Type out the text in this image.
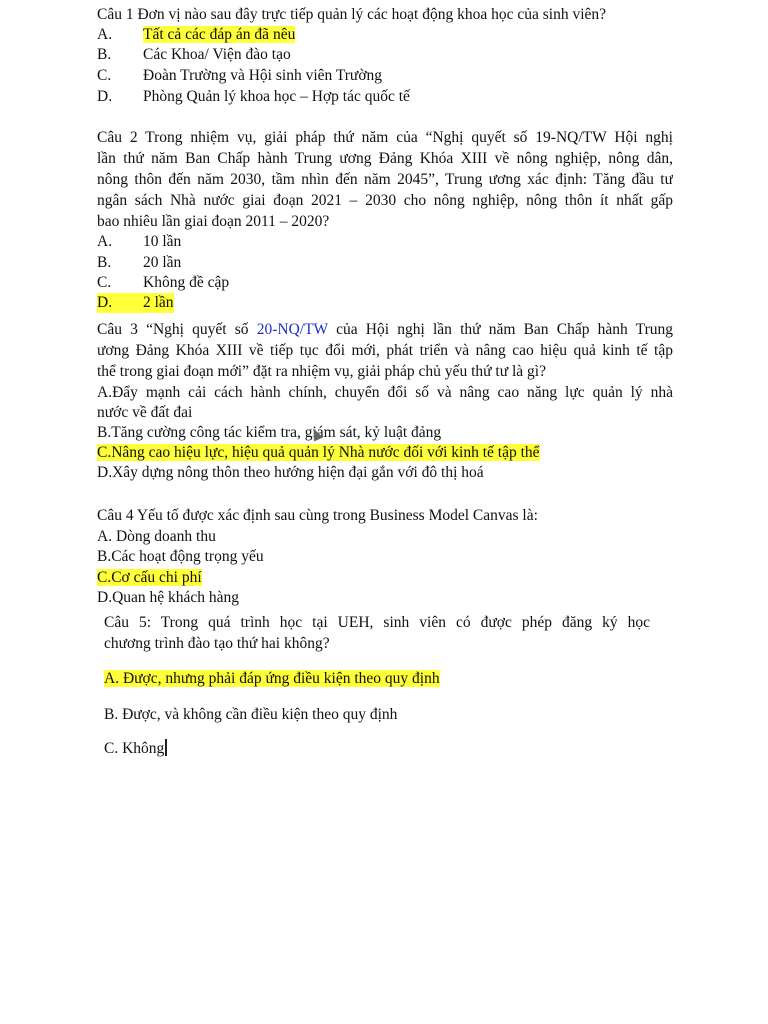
Câu 1 Đơn vị nào sau đây trực tiếp quản lý các hoạt động khoa học của sinh viên?
A. Tất cả các đáp án đã nêu
B. Các Khoa/ Viện đào tạo
C. Đoàn Trường và Hội sinh viên Trường
D. Phòng Quản lý khoa học – Hợp tác quốc tế
Câu 2 Trong nhiệm vụ, giải pháp thứ năm của “Nghị quyết số 19-NQ/TW Hội nghị
lần thứ năm Ban Chấp hành Trung ương Đảng Khóa XIII về nông nghiệp, nông dân,
nông thôn đến năm 2030, tầm nhìn đến năm 2045”, Trung ương xác định: Tăng đầu tư
ngân sách Nhà nước giai đoạn 2021 – 2030 cho nông nghiệp, nông thôn ít nhất gấp
bao nhiêu lần giai đoạn 2011 – 2020?
A. 10 lần
B. 20 lần
C. Không đề cập
D. 2 lần
Câu 3 “Nghị quyết số 20-NQ/TW của Hội nghị lần thứ năm Ban Chấp hành Trung
ương Đảng Khóa XIII về tiếp tục đổi mới, phát triển và nâng cao hiệu quả kinh tế tập
thể trong giai đoạn mới” đặt ra nhiệm vụ, giải pháp chủ yếu thứ tư là gì?
A.Đẩy mạnh cải cách hành chính, chuyển đổi số và nâng cao năng lực quản lý nhà
nước về đất đai
B.Tăng cường công tác kiểm tra, giám sát, kỷ luật đảng
C.Nâng cao hiệu lực, hiệu quả quản lý Nhà nước đối với kinh tế tập thể
D.Xây dựng nông thôn theo hướng hiện đại gắn với đô thị hoá
Câu 4 Yếu tố được xác định sau cùng trong Business Model Canvas là:
A. Dòng doanh thu
B.Các hoạt động trọng yếu
C.Cơ cấu chi phí
D.Quan hệ khách hàng
Câu 5: Trong quá trình học tại UEH, sinh viên có được phép đăng ký học
chương trình đào tạo thứ hai không?
A. Được, nhưng phải đáp ứng điều kiện theo quy định
B. Được, và không cần điều kiện theo quy định
C. Không
